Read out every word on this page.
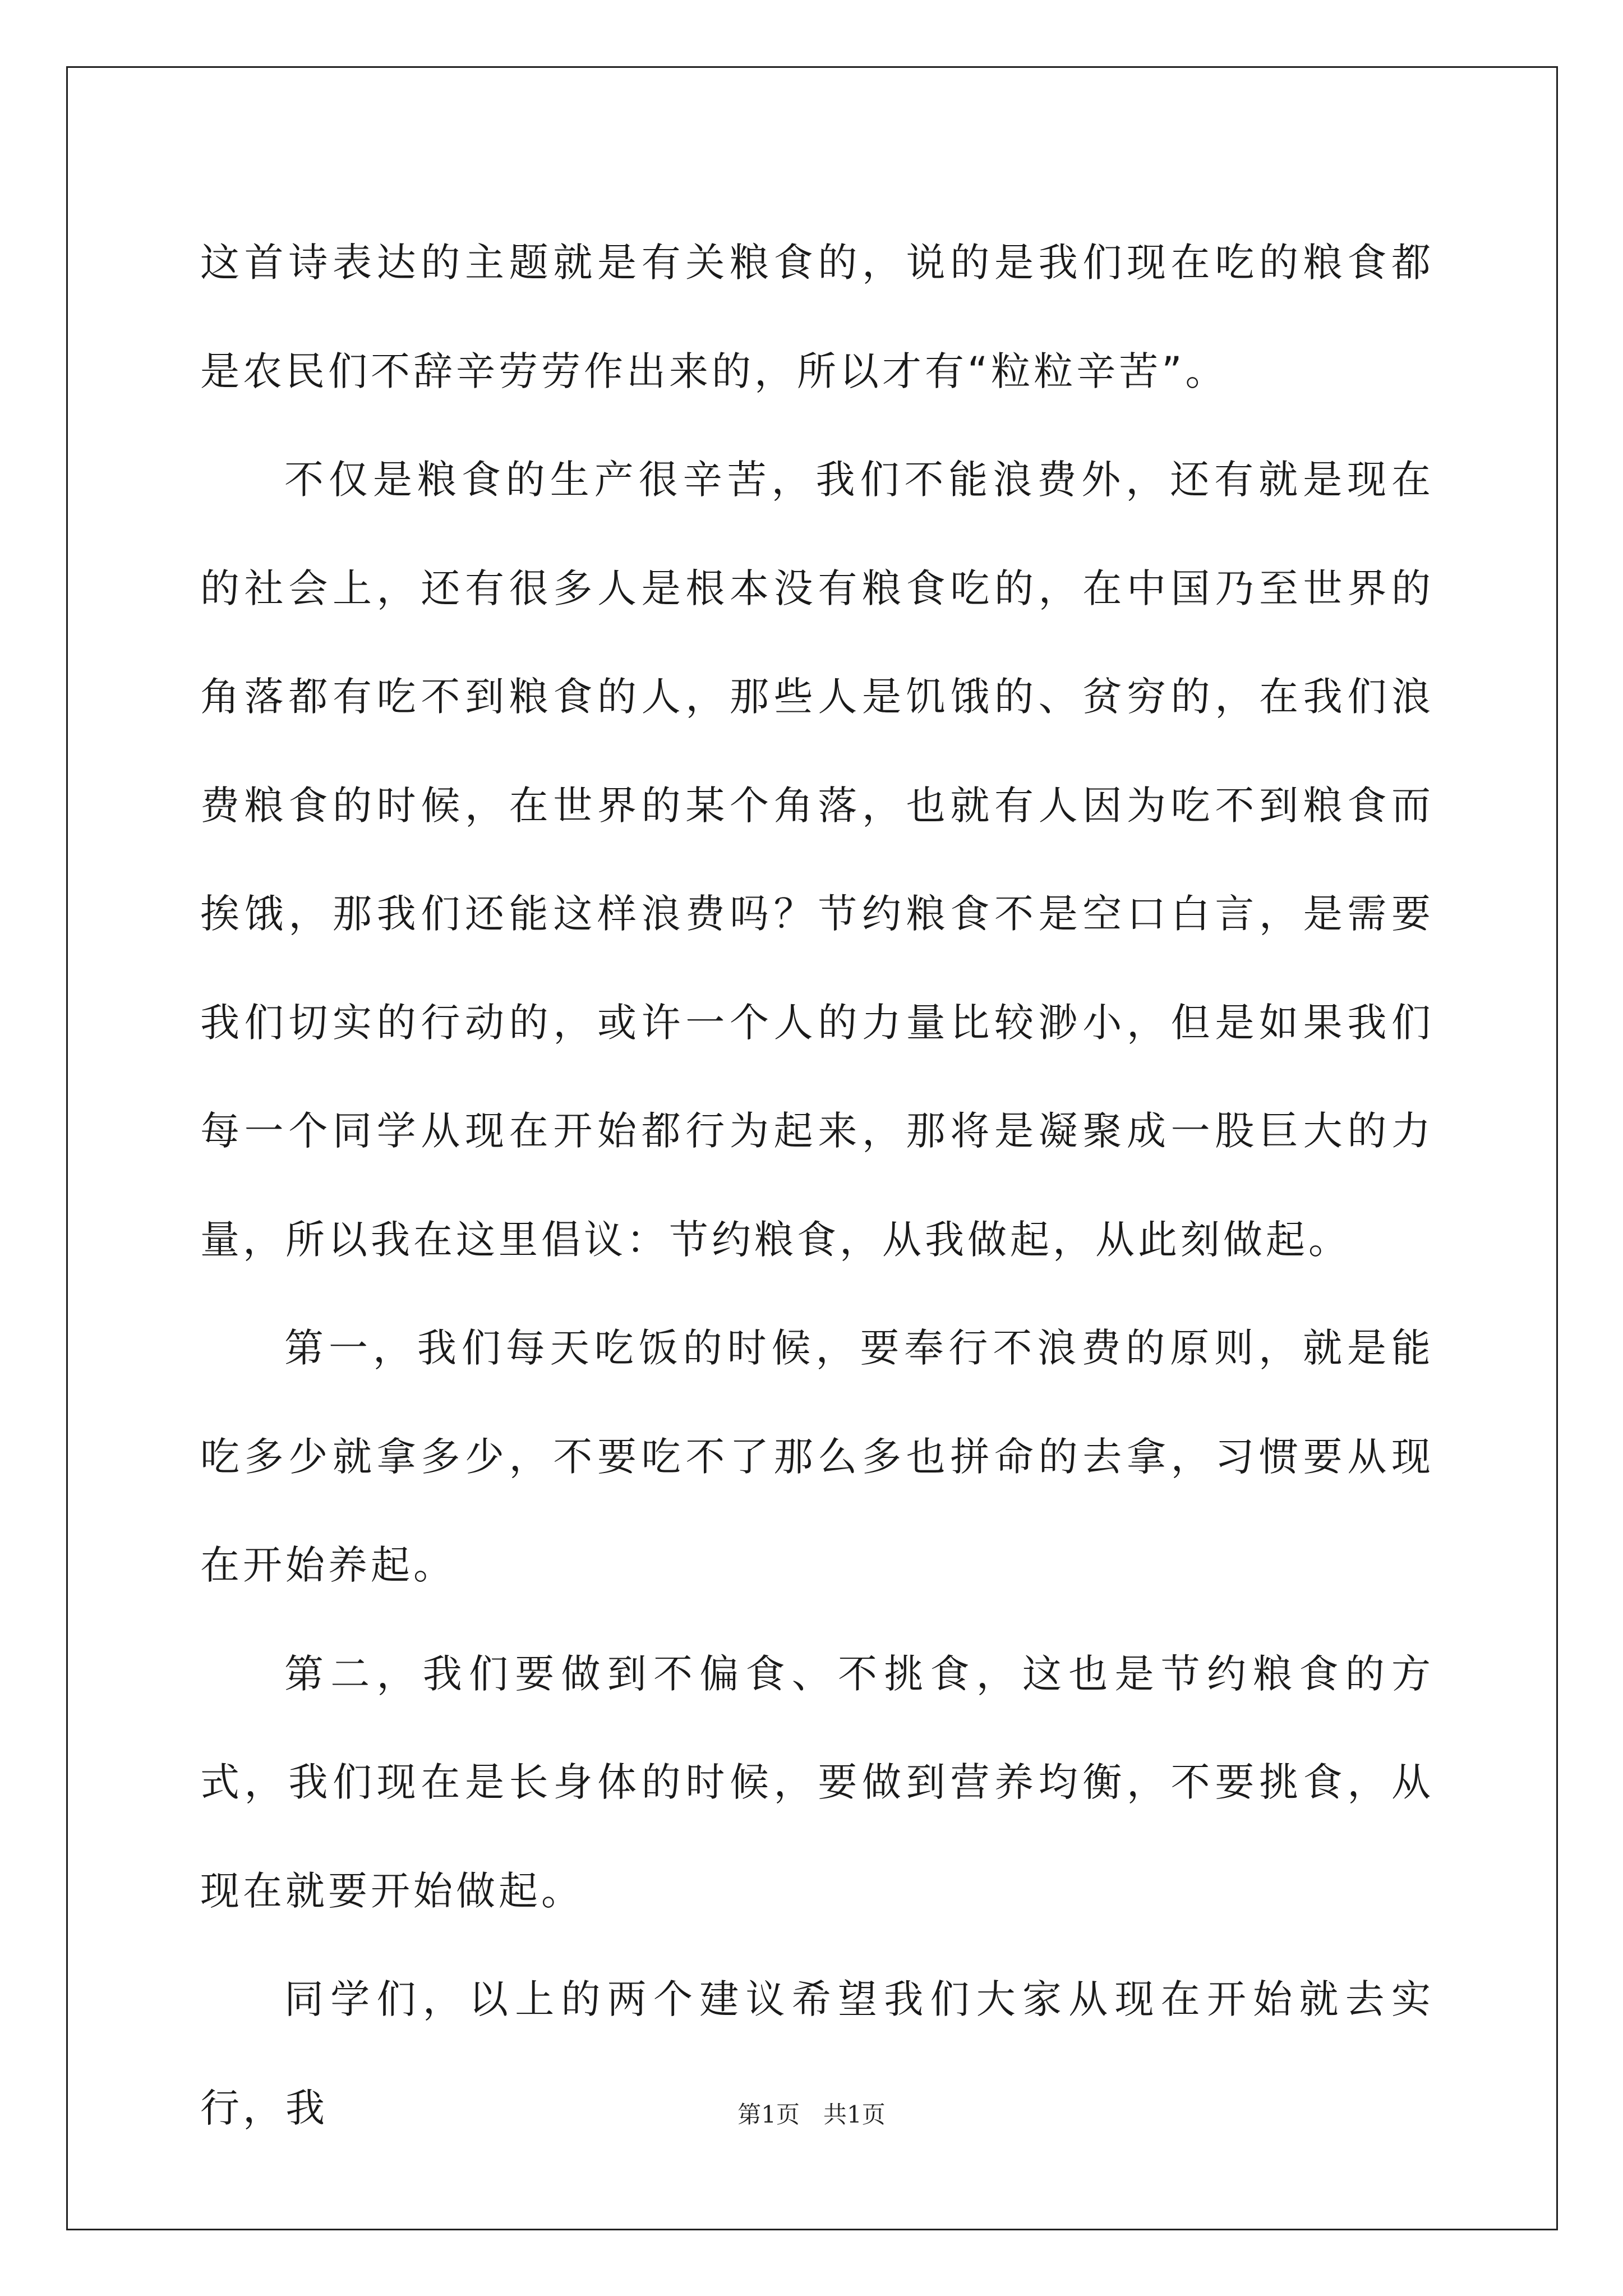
这首诗表达的主题就是有关粮食的，说的是我们现在吃的粮食都是农民们不辞辛劳劳作出来的，所以才有“粒粒辛苦”。

不仅是粮食的生产很辛苦，我们不能浪费外，还有就是现在的社会上，还有很多人是根本没有粮食吃的，在中国乃至世界的角落都有吃不到粮食的人，那些人是饥饿的、贫穷的，在我们浪费粮食的时候，在世界的某个角落，也就有人因为吃不到粮食而挨饿，那我们还能这样浪费吗？节约粮食不是空口白言，是需要我们切实的行动的，或许一个人的力量比较渺小，但是如果我们每一个同学从现在开始都行为起来，那将是凝聚成一股巨大的力量，所以我在这里倡议：节约粮食，从我做起，从此刻做起。

第一，我们每天吃饭的时候，要奉行不浪费的原则，就是能吃多少就拿多少，不要吃不了那么多也拼命的去拿，习惯要从现在开始养起。

第二，我们要做到不偏食、不挑食，这也是节约粮食的方式，我们现在是长身体的时候，要做到营养均衡，不要挑食，从现在就要开始做起。

同学们，以上的两个建议希望我们大家从现在开始就去实行，我	第1页　共1页
